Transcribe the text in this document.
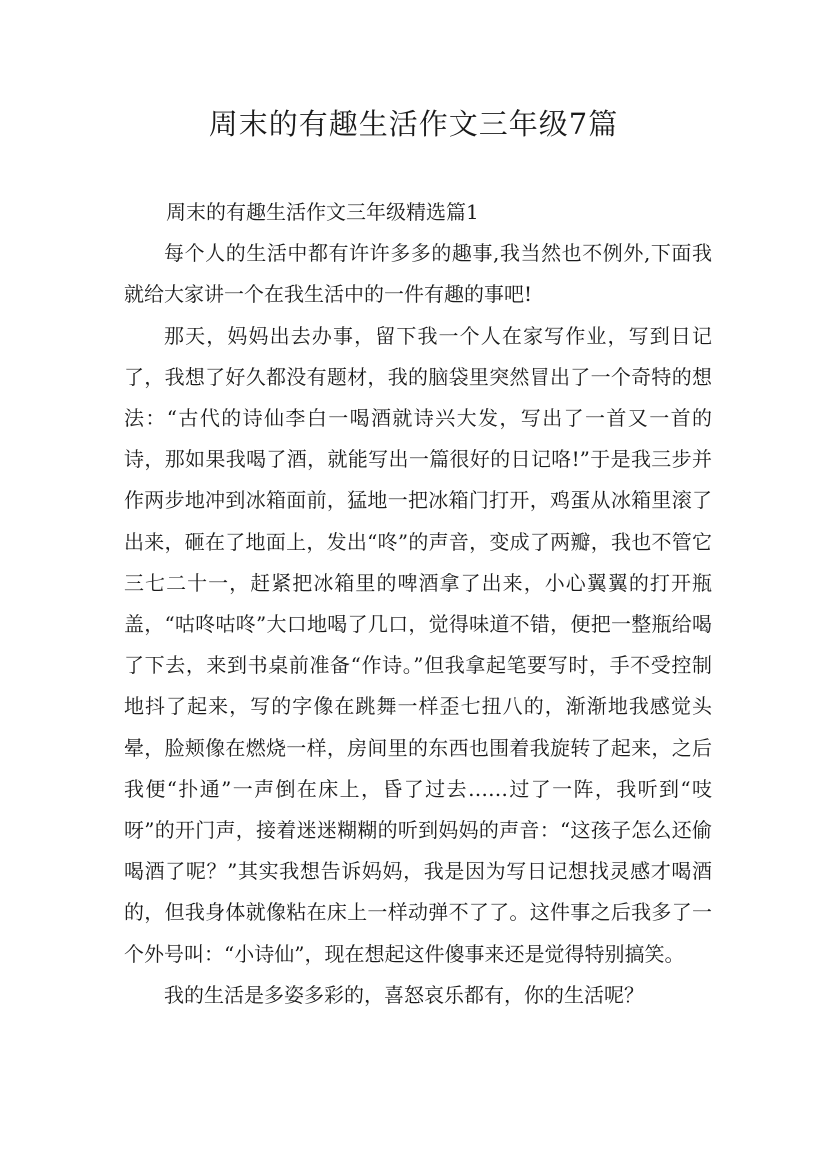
周末的有趣生活作文三年级7篇

周末的有趣生活作文三年级精选篇1

每个人的生活中都有许许多多的趣事,我当然也不例外,下面我就给大家讲一个在我生活中的一件有趣的事吧!

那天，妈妈出去办事，留下我一个人在家写作业，写到日记了，我想了好久都没有题材，我的脑袋里突然冒出了一个奇特的想法：“古代的诗仙李白一喝酒就诗兴大发，写出了一首又一首的诗，那如果我喝了酒，就能写出一篇很好的日记咯!”于是我三步并作两步地冲到冰箱面前，猛地一把冰箱门打开，鸡蛋从冰箱里滚了出来，砸在了地面上，发出“咚”的声音，变成了两瓣，我也不管它三七二十一，赶紧把冰箱里的啤酒拿了出来，小心翼翼的打开瓶盖，“咕咚咕咚”大口地喝了几口，觉得味道不错，便把一整瓶给喝了下去，来到书桌前准备“作诗。”但我拿起笔要写时，手不受控制地抖了起来，写的字像在跳舞一样歪七扭八的，渐渐地我感觉头晕，脸颊像在燃烧一样，房间里的东西也围着我旋转了起来，之后我便“扑通”一声倒在床上，昏了过去……过了一阵，我听到“吱呀”的开门声，接着迷迷糊糊的听到妈妈的声音：“这孩子怎么还偷喝酒了呢？”其实我想告诉妈妈，我是因为写日记想找灵感才喝酒的，但我身体就像粘在床上一样动弹不了了。这件事之后我多了一个外号叫：“小诗仙”，现在想起这件傻事来还是觉得特别搞笑。

我的生活是多姿多彩的，喜怒哀乐都有，你的生活呢？
